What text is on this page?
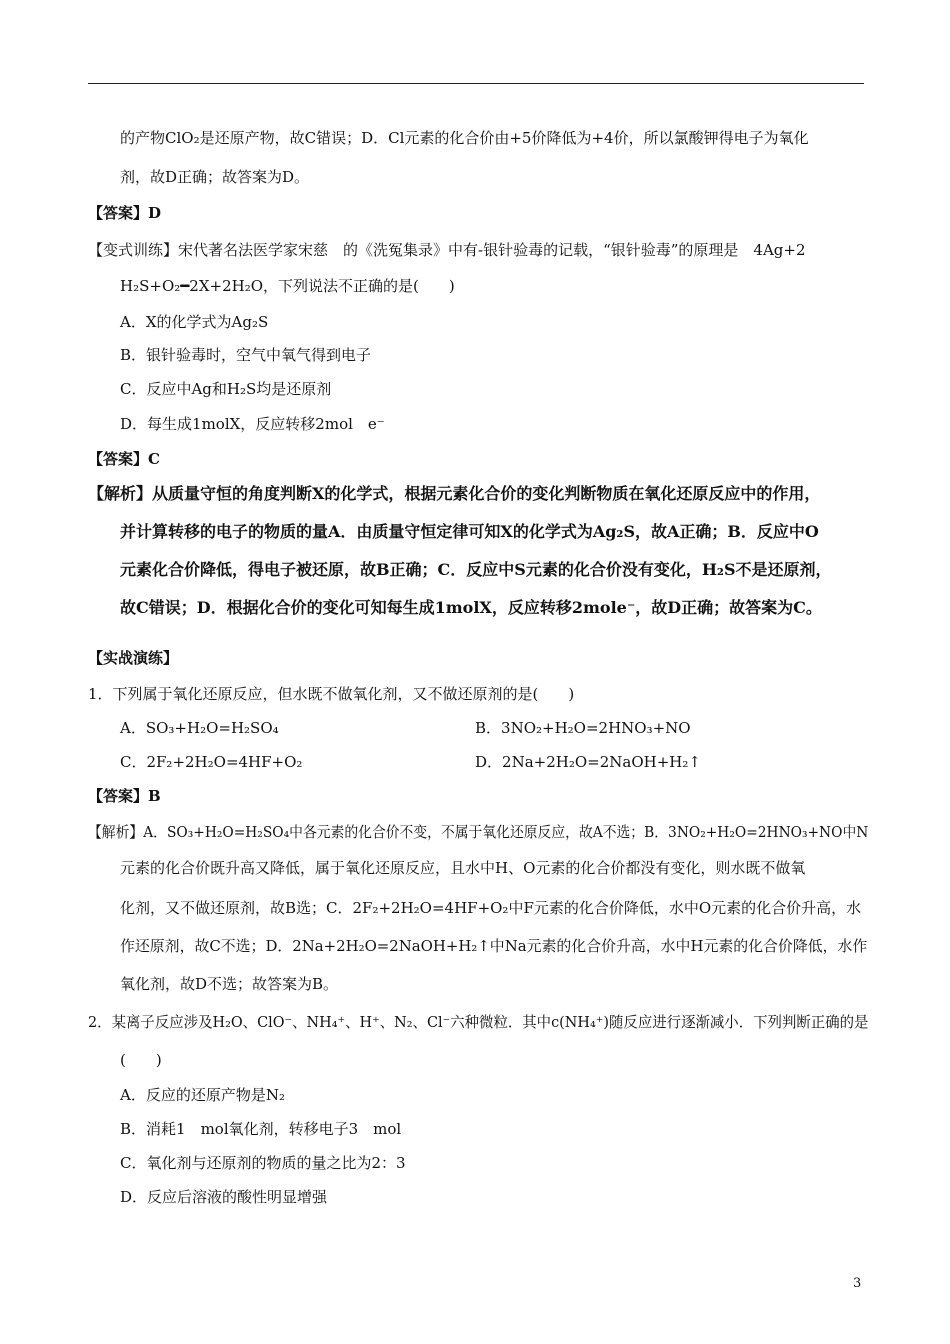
的产物ClO₂是还原产物，故C错误；D．Cl元素的化合价由+5价降低为+4价，所以氯酸钾得电子为氧化
剂，故D正确；故答案为D。
【答案】D
【变式训练】宋代著名法医学家宋慈　的《洗冤集录》中有-银针验毒的记载，“银针验毒”的原理是　4Ag+2
H₂S+O₂━2X+2H₂O，下列说法不正确的是(　　)
A．X的化学式为Ag₂S
B．银针验毒时，空气中氧气得到电子
C．反应中Ag和H₂S均是还原剂
D．每生成1molX，反应转移2mol　e⁻
【答案】C
【解析】从质量守恒的角度判断X的化学式，根据元素化合价的变化判断物质在氧化还原反应中的作用，
并计算转移的电子的物质的量A．由质量守恒定律可知X的化学式为Ag₂S，故A正确；B．反应中O
元素化合价降低，得电子被还原，故B正确；C．反应中S元素的化合价没有变化，H₂S不是还原剂，
故C错误；D．根据化合价的变化可知每生成1molX，反应转移2mole⁻，故D正确；故答案为C。
【实战演练】
1．下列属于氧化还原反应，但水既不做氧化剂，又不做还原剂的是(　　)
A．SO₃+H₂O=H₂SO₄	B．3NO₂+H₂O=2HNO₃+NO
C．2F₂+2H₂O=4HF+O₂	D．2Na+2H₂O=2NaOH+H₂↑
【答案】B
【解析】A．SO₃+H₂O=H₂SO₄中各元素的化合价不变，不属于氧化还原反应，故A不选；B．3NO₂+H₂O=2HNO₃+NO中N
元素的化合价既升高又降低，属于氧化还原反应，且水中H、O元素的化合价都没有变化，则水既不做氧
化剂，又不做还原剂，故B选；C．2F₂+2H₂O=4HF+O₂中F元素的化合价降低，水中O元素的化合价升高，水
作还原剂，故C不选；D．2Na+2H₂O=2NaOH+H₂↑中Na元素的化合价升高，水中H元素的化合价降低，水作
氧化剂，故D不选；故答案为B。
2．某离子反应涉及H₂O、ClO⁻、NH₄⁺、H⁺、N₂、Cl⁻六种微粒．其中c(NH₄⁺)随反应进行逐渐减小．下列判断正确的是
(　　)
A．反应的还原产物是N₂
B．消耗1　mol氧化剂，转移电子3　mol
C．氧化剂与还原剂的物质的量之比为2：3
D．反应后溶液的酸性明显增强
3
